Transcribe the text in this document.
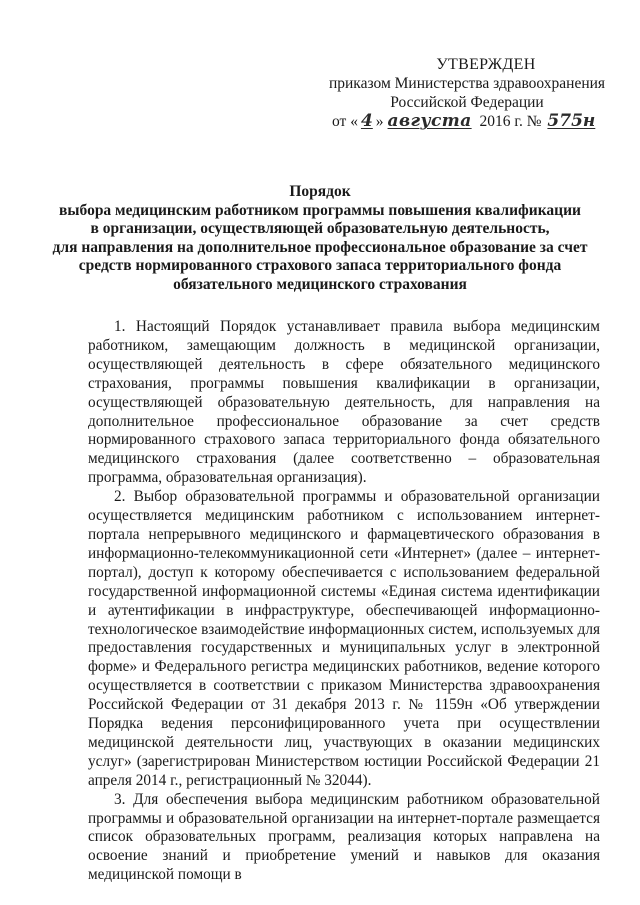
УТВЕРЖДЕН
приказом Министерства здравоохранения
Российской Федерации
от « 4 » августа 2016 г. № 575н
Порядок
выбора медицинским работником программы повышения квалификации
в организации, осуществляющей образовательную деятельность,
для направления на дополнительное профессиональное образование за счет
средств нормированного страхового запаса территориального фонда
обязательного медицинского страхования

1. Настоящий Порядок устанавливает правила выбора медицинским работником, замещающим должность в медицинской организации, осуществляющей деятельность в сфере обязательного медицинского страхования, программы повышения квалификации в организации, осуществляющей образовательную деятельность, для направления на дополнительное профессиональное образование за счет средств нормированного страхового запаса территориального фонда обязательного медицинского страхования (далее соответственно – образовательная программа, образовательная организация).

2. Выбор образовательной программы и образовательной организации осуществляется медицинским работником с использованием интернет-портала непрерывного медицинского и фармацевтического образования в информационно-телекоммуникационной сети «Интернет» (далее – интернет-портал), доступ к которому обеспечивается с использованием федеральной государственной информационной системы «Единая система идентификации и аутентификации в инфраструктуре, обеспечивающей информационно-технологическое взаимодействие информационных систем, используемых для предоставления государственных и муниципальных услуг в электронной форме» и Федерального регистра медицинских работников, ведение которого осуществляется в соответствии с приказом Министерства здравоохранения Российской Федерации от 31 декабря 2013 г. № 1159н «Об утверждении Порядка ведения персонифицированного учета при осуществлении медицинской деятельности лиц, участвующих в оказании медицинских услуг» (зарегистрирован Министерством юстиции Российской Федерации 21 апреля 2014 г., регистрационный № 32044).

3. Для обеспечения выбора медицинским работником образовательной программы и образовательной организации на интернет-портале размещается список образовательных программ, реализация которых направлена на освоение знаний и приобретение умений и навыков для оказания медицинской помощи в
